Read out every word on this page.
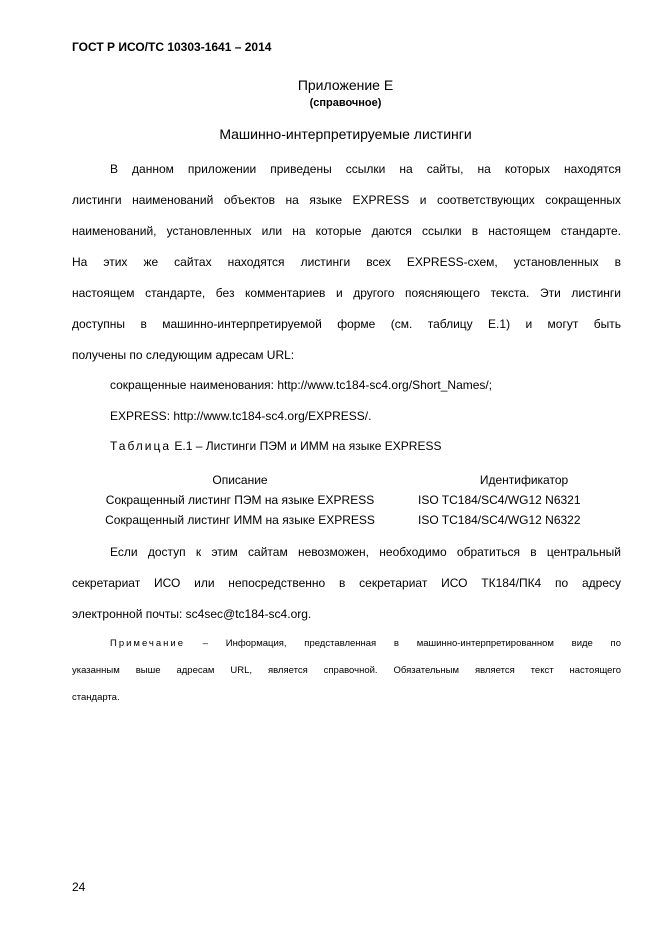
ГОСТ Р ИСО/ТС 10303-1641 – 2014
Приложение Е
(справочное)
Машинно-интерпретируемые листинги
В данном приложении приведены ссылки на сайты, на которых находятся
листинги наименований объектов на языке EXPRESS и соответствующих сокращенных
наименований, установленных или на которые даются ссылки в настоящем стандарте.
На этих же сайтах находятся листинги всех EXPRESS-схем, установленных в
настоящем стандарте, без комментариев и другого поясняющего текста. Эти листинги
доступны в машинно-интерпретируемой форме (см. таблицу Е.1) и могут быть
получены по следующим адресам URL:
сокращенные наименования: http://www.tc184-sc4.org/Short_Names/;
EXPRESS: http://www.tc184-sc4.org/EXPRESS/.
Таблица Е.1 – Листинги ПЭМ и ИММ на языке EXPRESS
Описание	Идентификатор
Сокращенный листинг ПЭМ на языке EXPRESS	ISO TC184/SC4/WG12 N6321
Сокращенный листинг ИММ на языке EXPRESS	ISO TC184/SC4/WG12 N6322
Если доступ к этим сайтам невозможен, необходимо обратиться в центральный
секретариат ИСО или непосредственно в секретариат ИСО ТК184/ПК4 по адресу
электронной почты: sc4sec@tc184-sc4.org.
Примечание – Информация, представленная в машинно-интерпретированном виде по
указанным выше адресам URL, является справочной. Обязательным является текст настоящего
стандарта.
24
